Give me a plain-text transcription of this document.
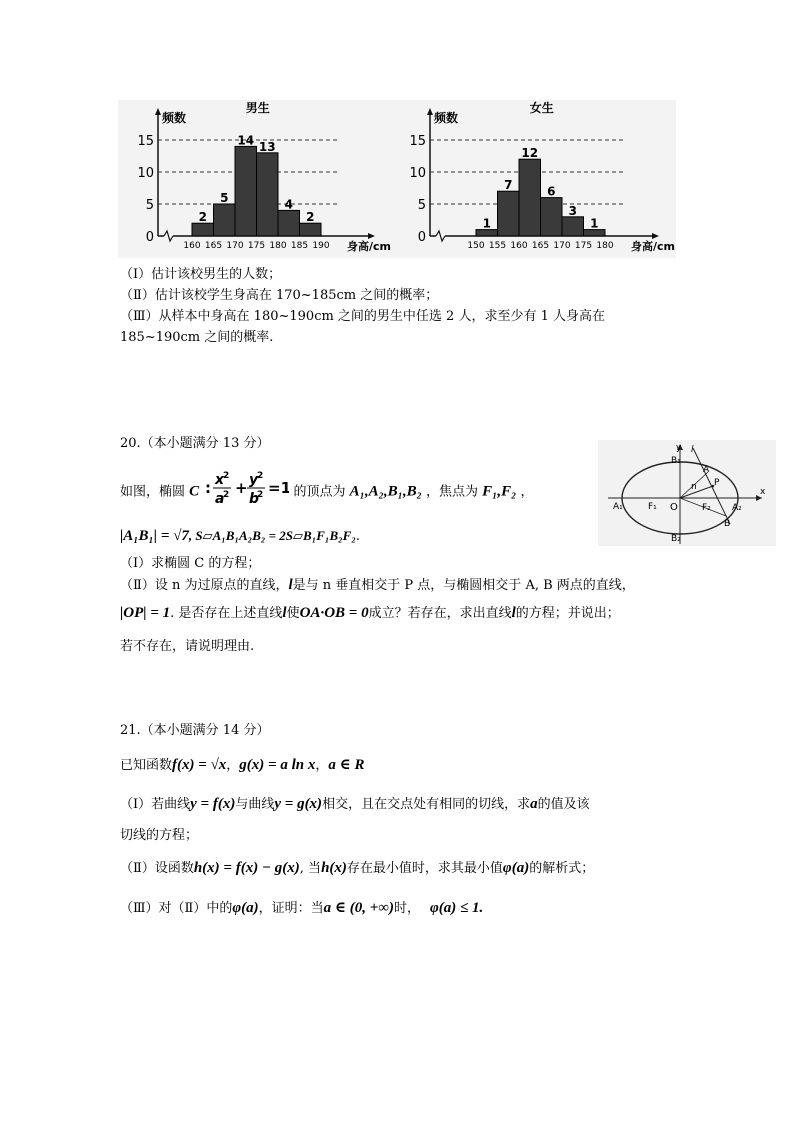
男生
频数
0
5
10
15
2
5
14 13
4
2
160 165 170 175 180 185 190 身高/cm
女生
频数
0
5
10
15
1
7
12
6
3
1
150 155 160 165 170 175 180 身高/cm
（Ⅰ）估计该校男生的人数；
（Ⅱ）估计该校学生身高在 170~185cm 之间的概率；
（Ⅲ）从样本中身高在 180~190cm 之间的男生中任选 2 人，求至少有 1 人身高在
185~190cm 之间的概率.
20.（本小题满分 13 分）
如图，椭圆 C : x
2
a
2 + y
2
b
2 =1 的顶点为 A₁,A₂,B₁,B₂ ，焦点为 F₁,F₂ ，
|A₁B₁| = √7, S▱A₁B₁A₂B₂ = 2S▱B₁F₁B₂F₂.
（Ⅰ）求椭圆 C 的方程；
（Ⅱ）设 n 为过原点的直线，l是与 n 垂直相交于 P 点，与椭圆相交于 A, B 两点的直线，
|OP| = 1. 是否存在上述直线l使OA·OB = 0成立？若存在，求出直线l的方程；并说出；
若不存在，请说明理由.
y l
B₁
A
P
n
A₁	F₁ O	F₂ A₂
x
B
B₂
21.（本小题满分 14 分）
已知函数f(x) = √x，g(x) = a ln x，a ∈ R
（Ⅰ）若曲线y = f(x)与曲线y = g(x)相交，且在交点处有相同的切线，求a的值及该
切线的方程；
（Ⅱ）设函数h(x) = f(x) − g(x), 当h(x)存在最小值时，求其最小值φ(a)的解析式；
（Ⅲ）对（Ⅱ）中的φ(a)，证明：当a ∈ (0, +∞)时， φ(a) ≤ 1.
